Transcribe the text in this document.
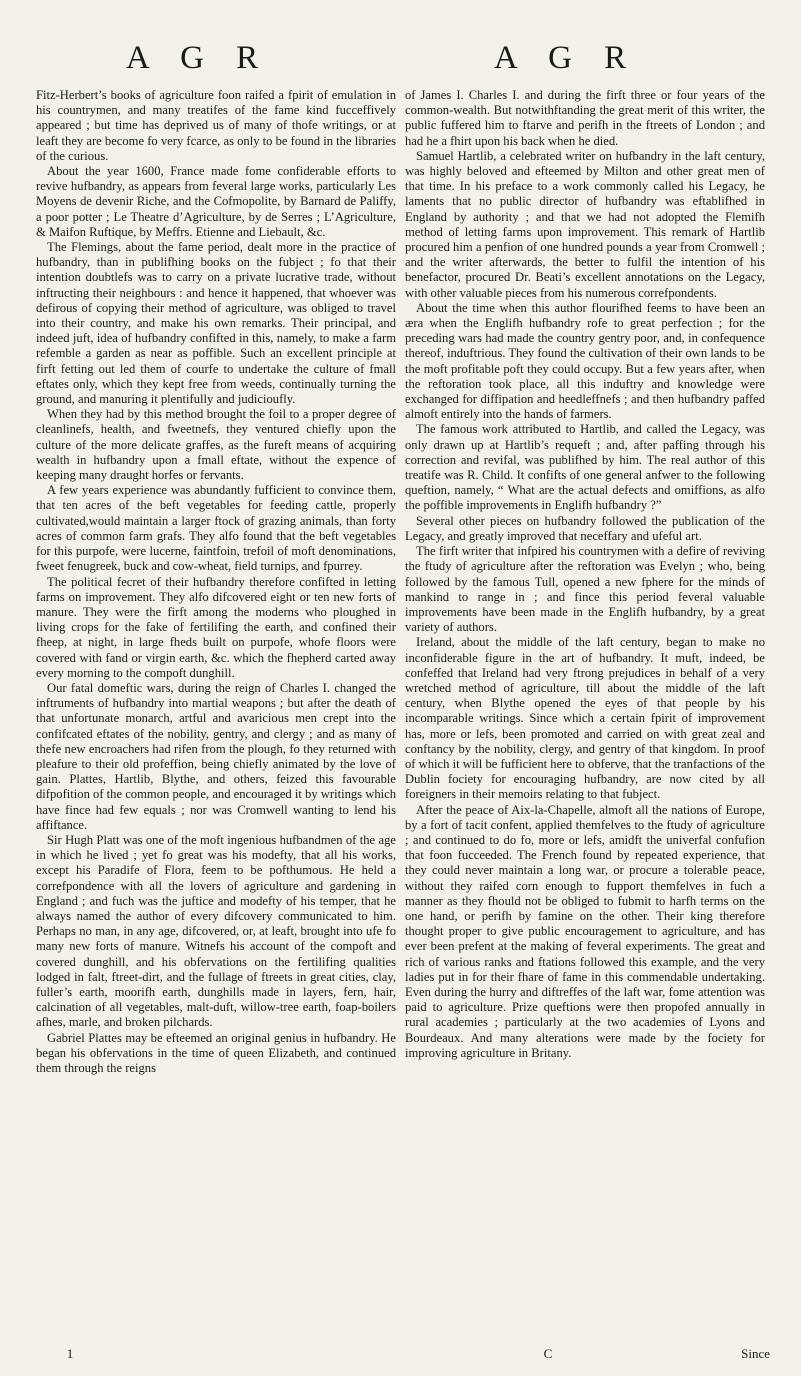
A G R	A G R

Fitz-Herbert’s books of agriculture foon raifed a fpirit of emulation in his countrymen, and many treatifes of the fame kind fucceffively appeared ; but time has deprived us of many of thofe writings, or at leaft they are become fo very fcarce, as only to be found in the libraries of the curious.

About the year 1600, France made fome confiderable efforts to revive hufbandry, as appears from feveral large works, particularly Les Moyens de devenir Riche, and the Cofmopolite, by Barnard de Paliffy, a poor potter ; Le Theatre d’Agriculture, by de Serres ; L’Agriculture, & Maifon Ruftique, by Meffrs. Etienne and Liebault, &c.

The Flemings, about the fame period, dealt more in the practice of hufbandry, than in publifhing books on the fubject ; fo that their intention doubtlefs was to carry on a private lucrative trade, without inftructing their neighbours : and hence it happened, that whoever was defirous of copying their method of agriculture, was obliged to travel into their country, and make his own remarks. Their principal, and indeed juft, idea of hufbandry confifted in this, namely, to make a farm refemble a garden as near as poffible. Such an excellent principle at firft fetting out led them of courfe to undertake the culture of fmall eftates only, which they kept free from weeds, continually turning the ground, and manuring it plentifully and judicioufly.

When they had by this method brought the foil to a proper degree of cleanlinefs, health, and fweetnefs, they ventured chiefly upon the culture of the more delicate graffes, as the fureft means of acquiring wealth in hufbandry upon a fmall eftate, without the expence of keeping many draught horfes or fervants.

A few years experience was abundantly fufficient to convince them, that ten acres of the beft vegetables for feeding cattle, properly cultivated,would maintain a larger ftock of grazing animals, than forty acres of common farm grafs. They alfo found that the beft vegetables for this purpofe, were lucerne, faintfoin, trefoil of moft denominations, fweet fenugreek, buck and cow-wheat, field turnips, and fpurrey.

The political fecret of their hufbandry therefore confifted in letting farms on improvement. They alfo difcovered eight or ten new forts of manure. They were the firft among the moderns who ploughed in living crops for the fake of fertilifing the earth, and confined their fheep, at night, in large fheds built on purpofe, whofe floors were covered with fand or virgin earth, &c. which the fhepherd carted away every morning to the compoft dunghill.

Our fatal domeftic wars, during the reign of Charles I. changed the inftruments of hufbandry into martial weapons ; but after the death of that unfortunate monarch, artful and avaricious men crept into the confifcated eftates of the nobility, gentry, and clergy ; and as many of thefe new encroachers had rifen from the plough, fo they returned with pleafure to their old profeffion, being chiefly animated by the love of gain. Plattes, Hartlib, Blythe, and others, feized this favourable difpofition of the common people, and encouraged it by writings which have fince had few equals ; nor was Cromwell wanting to lend his affiftance.

Sir Hugh Platt was one of the moft ingenious hufbandmen of the age in which he lived ; yet fo great was his modefty, that all his works, except his Paradife of Flora, feem to be pofthumous. He held a correfpondence with all the lovers of agriculture and gardening in England ; and fuch was the juftice and modefty of his temper, that he always named the author of every difcovery communicated to him. Perhaps no man, in any age, difcovered, or, at leaft, brought into ufe fo many new forts of manure. Witnefs his account of the compoft and covered dunghill, and his obfervations on the fertilifing qualities lodged in falt, ftreet-dirt, and the fullage of ftreets in great cities, clay, fuller’s earth, moorifh earth, dunghills made in layers, fern, hair, calcination of all vegetables, malt-duft, willow-tree earth, foap-boilers afhes, marle, and broken pilchards.

Gabriel Plattes may be efteemed an original genius in hufbandry. He began his obfervations in the time of queen Elizabeth, and continued them through the reigns

of James I. Charles I. and during the firft three or four years of the common-wealth. But notwithftanding the great merit of this writer, the public fuffered him to ftarve and perifh in the ftreets of London ; and had he a fhirt upon his back when he died.

Samuel Hartlib, a celebrated writer on hufbandry in the laft century, was highly beloved and efteemed by Milton and other great men of that time. In his preface to a work commonly called his Legacy, he laments that no public director of hufbandry was eftablifhed in England by authority ; and that we had not adopted the Flemifh method of letting farms upon improvement. This remark of Hartlib procured him a penfion of one hundred pounds a year from Cromwell ; and the writer afterwards, the better to fulfil the intention of his benefactor, procured Dr. Beati’s excellent annotations on the Legacy, with other valuable pieces from his numerous correfpondents.

About the time when this author flourifhed feems to have been an æra when the Englifh hufbandry rofe to great perfection ; for the preceding wars had made the country gentry poor, and, in confequence thereof, induftrious. They found the cultivation of their own lands to be the moft profitable poft they could occupy. But a few years after, when the reftoration took place, all this induftry and knowledge were exchanged for diffipation and heedleffnefs ; and then hufbandry paffed almoft entirely into the hands of farmers.

The famous work attributed to Hartlib, and called the Legacy, was only drawn up at Hartlib’s requeft ; and, after paffing through his correction and revifal, was publifhed by him. The real author of this treatife was R. Child. It confifts of one general anfwer to the following queftion, namely, “ What are the actual defects and omiffions, as alfo the poffible improvements in Englifh hufbandry ?”

Several other pieces on hufbandry followed the publication of the Legacy, and greatly improved that neceffary and ufeful art.

The firft writer that infpired his countrymen with a defire of reviving the ftudy of agriculture after the reftoration was Evelyn ; who, being followed by the famous Tull, opened a new fphere for the minds of mankind to range in ; and fince this period feveral valuable improvements have been made in the Englifh hufbandry, by a great variety of authors.

Ireland, about the middle of the laft century, began to make no inconfiderable figure in the art of hufbandry. It muft, indeed, be confeffed that Ireland had very ftrong prejudices in behalf of a very wretched method of agriculture, till about the middle of the laft century, when Blythe opened the eyes of that people by his incomparable writings. Since which a certain fpirit of improvement has, more or lefs, been promoted and carried on with great zeal and conftancy by the nobility, clergy, and gentry of that kingdom. In proof of which it will be fufficient here to obferve, that the tranfactions of the Dublin fociety for encouraging hufbandry, are now cited by all foreigners in their memoirs relating to that fubject.

After the peace of Aix-la-Chapelle, almoft all the nations of Europe, by a fort of tacit confent, applied themfelves to the ftudy of agriculture ; and continued to do fo, more or lefs, amidft the univerfal confufion that foon fucceeded. The French found by repeated experience, that they could never maintain a long war, or procure a tolerable peace, without they raifed corn enough to fupport themfelves in fuch a manner as they fhould not be obliged to fubmit to harfh terms on the one hand, or perifh by famine on the other. Their king therefore thought proper to give public encouragement to agriculture, and has ever been prefent at the making of feveral experiments. The great and rich of various ranks and ftations followed this example, and the very ladies put in for their fhare of fame in this commendable undertaking. Even during the hurry and diftreffes of the laft war, fome attention was paid to agriculture. Prize queftions were then propofed annually in rural academies ; particularly at the two academies of Lyons and Bourdeaux. And many alterations were made by the fociety for improving agriculture in Britany.

1	C	Since
